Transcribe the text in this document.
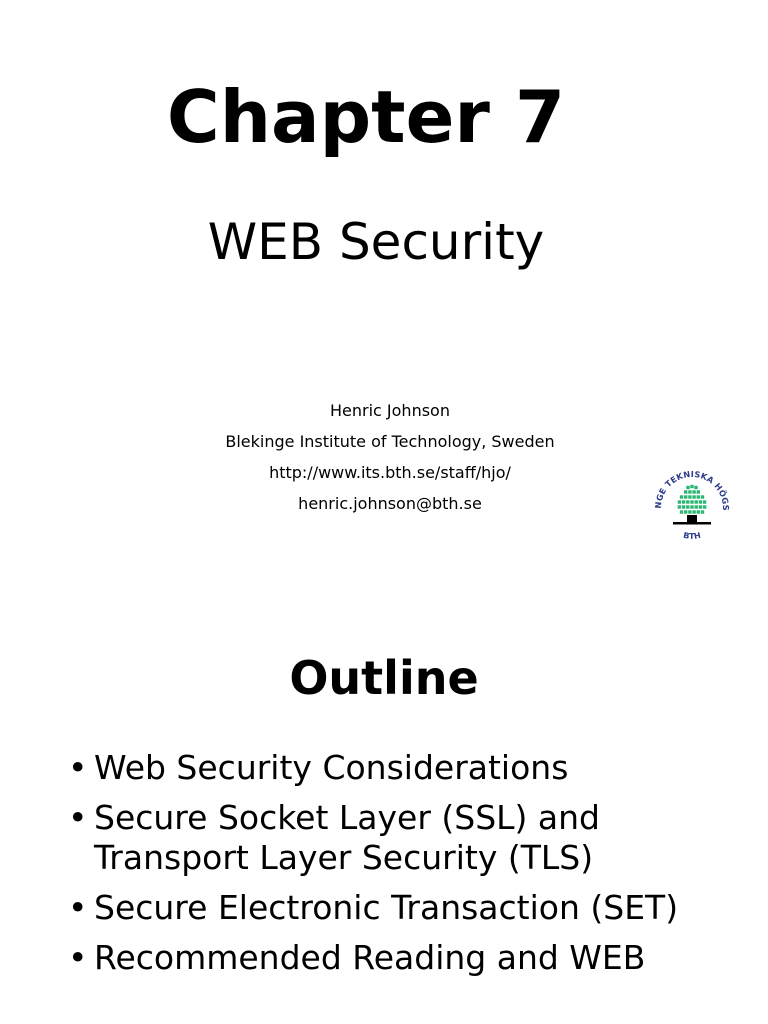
Chapter 7
WEB Security
Henric Johnson
Blekinge Institute of Technology, Sweden
http://www.its.bth.se/staff/hjo/
henric.johnson@bth.se	NGE TEKNISKA HÖGS
BTH
Outline
• Web Security Considerations
• Secure Socket Layer (SSL) and Transport Layer Security (TLS)
• Secure Electronic Transaction (SET)
• Recommended Reading and WEB
